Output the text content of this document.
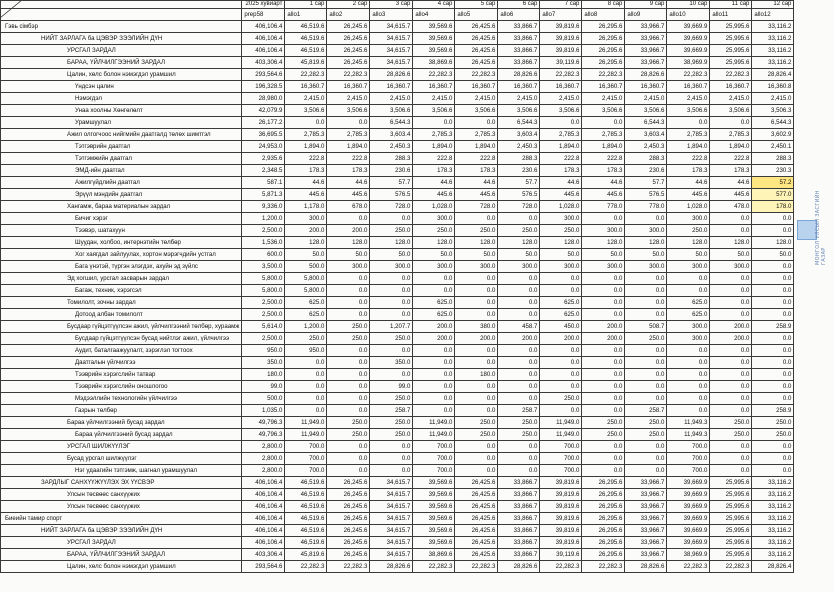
	2025 хувиарт	1 сар	2 сар	3 сар	4 сар	5 сар	6 сар	7 сар	8 сар	9 сар	10 сар	11 сар	12 сар
	prep58	allo1	allo2	allo3	allo4	allo5	allo6	allo7	allo8	allo9	allo10	allo11	allo12
Гэвь сімбэр	406,106.4	46,519.6	26,245.6	34,615.7	39,569.6	26,425.6	33,866.7	39,819.6	26,295.6	33,966.7	39,669.9	25,995.6	33,116.2
НИЙТ ЗАРЛАГА ба ЦЭВЭР ЗЭЭЛИЙН ДҮН	406,106.4	46,519.6	26,245.6	34,615.7	39,569.6	26,425.6	33,866.7	39,819.6	26,295.6	33,966.7	39,669.9	25,995.6	33,116.2
УРСГАЛ ЗАРДАЛ	406,106.4	46,519.6	26,245.6	34,615.7	39,569.6	26,425.6	33,866.7	39,819.6	26,295.6	33,966.7	39,669.9	25,995.6	33,116.2
БАРАА, ҮЙЛЧИЛГЭЭНИЙ ЗАРДАЛ	403,306.4	45,819.6	26,245.6	34,615.7	38,869.6	26,425.6	33,866.7	39,119.6	26,295.6	33,966.7	38,969.9	25,995.6	33,116.2
Цалин, хөлс болон нэмэгдэл урамшил	293,564.6	22,282.3	22,282.3	28,826.6	22,282.3	22,282.3	28,826.6	22,282.3	22,282.3	28,826.6	22,282.3	22,282.3	28,826.4
Үндсэн цалин	196,328.5	16,360.7	16,360.7	16,360.7	16,360.7	16,360.7	16,360.7	16,360.7	16,360.7	16,360.7	16,360.7	16,360.7	16,360.8
Нэмэгдэл	28,980.0	2,415.0	2,415.0	2,415.0	2,415.0	2,415.0	2,415.0	2,415.0	2,415.0	2,415.0	2,415.0	2,415.0	2,415.0
Унаа хоолны Хөнгөлөлт	42,079.9	3,506.6	3,506.6	3,506.6	3,506.6	3,506.6	3,506.6	3,506.6	3,506.6	3,506.6	3,506.6	3,506.6	3,506.3
Урамшуулал	26,177.2	0.0	0.0	6,544.3	0.0	0.0	6,544.3	0.0	0.0	6,544.3	0.0	0.0	6,544.3
Ажил олгогчоос нийгмийн даатгалд төлөх шимтгэл	36,695.5	2,785.3	2,785.3	3,603.4	2,785.3	2,785.3	3,603.4	2,785.3	2,785.3	3,603.4	2,785.3	2,785.3	3,602.9
Тэтгэврийн даатгал	24,953.0	1,894.0	1,894.0	2,450.3	1,894.0	1,894.0	2,450.3	1,894.0	1,894.0	2,450.3	1,894.0	1,894.0	2,450.1
Тэтгэмжийн даатгал	2,935.6	222.8	222.8	288.3	222.8	222.8	288.3	222.8	222.8	288.3	222.8	222.8	288.3
ЭМД-ийн даатгал	2,348.5	178.3	178.3	230.6	178.3	178.3	230.6	178.3	178.3	230.6	178.3	178.3	230.3
Ажилгүйдлийн даатгал	587.1	44.6	44.6	57.7	44.6	44.6	57.7	44.6	44.6	57.7	44.6	44.6	57.2
Эрүүл мэндийн даатгал	5,871.3	445.6	445.6	576.5	445.6	445.6	576.5	445.6	445.6	576.5	445.6	445.6	577.0
Хангамж, бараа материалын зардал	9,336.0	1,178.0	678.0	728.0	1,028.0	728.0	728.0	1,028.0	778.0	778.0	1,028.0	478.0	178.0
Бичиг хэрэг	1,200.0	300.0	0.0	0.0	300.0	0.0	0.0	300.0	0.0	0.0	300.0	0.0	0.0
Тээвэр, шатахуун	2,500.0	200.0	200.0	250.0	250.0	250.0	250.0	250.0	300.0	300.0	250.0	0.0	0.0
Шуудан, холбоо, интернэтийн төлбөр	1,536.0	128.0	128.0	128.0	128.0	128.0	128.0	128.0	128.0	128.0	128.0	128.0	128.0
Хог хаягдал зайлуулах, хортон мэрэгчдийн устгал	600.0	50.0	50.0	50.0	50.0	50.0	50.0	50.0	50.0	50.0	50.0	50.0	50.0
Бага үнэтэй, түргэн элэгдэх, ахуйн эд зүйлс	3,500.0	500.0	300.0	300.0	300.0	300.0	300.0	300.0	300.0	300.0	300.0	300.0	0.0
Эд хогшил, урсгал засварын зардал	5,800.0	5,800.0	0.0	0.0	0.0	0.0	0.0	0.0	0.0	0.0	0.0	0.0	0.0
Багаж, техник, хэрэгсэл	5,800.0	5,800.0	0.0	0.0	0.0	0.0	0.0	0.0	0.0	0.0	0.0	0.0	0.0
Томилолт, зочны зардал	2,500.0	625.0	0.0	0.0	625.0	0.0	0.0	625.0	0.0	0.0	625.0	0.0	0.0
Дотоод албан томилолт	2,500.0	625.0	0.0	0.0	625.0	0.0	0.0	625.0	0.0	0.0	625.0	0.0	0.0
Бусдаар гүйцэтгүүлсэн ажил, үйлчилгээний төлбөр, хураамж	5,614.0	1,200.0	250.0	1,207.7	200.0	380.0	458.7	450.0	200.0	508.7	300.0	200.0	258.9
Бусдаар гүйцэтгүүлсэн бусад нийтлэг ажил, үйлчилгээ	2,500.0	250.0	250.0	250.0	200.0	200.0	200.0	200.0	200.0	250.0	300.0	200.0	0.0
Аудит, баталгаажуулалт, зэрэглэл тогтоох	950.0	950.0	0.0	0.0	0.0	0.0	0.0	0.0	0.0	0.0	0.0	0.0	0.0
Даатгалын үйлчилгээ	350.0	0.0	0.0	350.0	0.0	0.0	0.0	0.0	0.0	0.0	0.0	0.0	0.0
Тээврийн хэрэгслийн татвар	180.0	0.0	0.0	0.0	0.0	180.0	0.0	0.0	0.0	0.0	0.0	0.0	0.0
Тээврийн хэрэгслийн оношлогоо	99.0	0.0	0.0	99.0	0.0	0.0	0.0	0.0	0.0	0.0	0.0	0.0	0.0
Мэдээллийн технологийн үйлчилгээ	500.0	0.0	0.0	250.0	0.0	0.0	0.0	250.0	0.0	0.0	0.0	0.0	0.0
Газрын төлбөр	1,035.0	0.0	0.0	258.7	0.0	0.0	258.7	0.0	0.0	258.7	0.0	0.0	258.9
Бараа үйлчилгээний бусад зардал	49,796.3	11,949.0	250.0	250.0	11,949.0	250.0	250.0	11,949.0	250.0	250.0	11,949.3	250.0	250.0
Бараа үйлчилгээний бусад зардал	49,796.3	11,949.0	250.0	250.0	11,949.0	250.0	250.0	11,949.0	250.0	250.0	11,949.3	250.0	250.0
УРСГАЛ ШИЛЖҮҮЛЭГ	2,800.0	700.0	0.0	0.0	700.0	0.0	0.0	700.0	0.0	0.0	700.0	0.0	0.0
Бусад урсгал шилжүүлэг	2,800.0	700.0	0.0	0.0	700.0	0.0	0.0	700.0	0.0	0.0	700.0	0.0	0.0
Нэг удаагийн тэтгэмж, шагнал урамшуулал	2,800.0	700.0	0.0	0.0	700.0	0.0	0.0	700.0	0.0	0.0	700.0	0.0	0.0
ЗАРДЛЫГ САНХҮҮЖҮҮЛЭХ ЭХ ҮҮСВЭР	406,106.4	46,519.6	26,245.6	34,615.7	39,569.6	26,425.6	33,866.7	39,819.6	26,295.6	33,966.7	39,669.9	25,995.6	33,116.2
Улсын төсвөөс санхүүжих	406,106.4	46,519.6	26,245.6	34,615.7	39,569.6	26,425.6	33,866.7	39,819.6	26,295.6	33,966.7	39,669.9	25,995.6	33,116.2
Улсын төсвөөс санхүүжих	406,106.4	46,519.6	26,245.6	34,615.7	39,569.6	26,425.6	33,866.7	39,819.6	26,295.6	33,966.7	39,669.9	25,995.6	33,116.2
Биеийн тамир спорт	406,106.4	46,519.6	26,245.6	34,615.7	39,569.6	26,425.6	33,866.7	39,819.6	26,295.6	33,966.7	39,669.9	25,995.6	33,116.2
НИЙТ ЗАРЛАГА ба ЦЭВЭР ЗЭЭЛИЙН ДҮН	406,106.4	46,519.6	26,245.6	34,615.7	39,569.6	26,425.6	33,866.7	39,819.6	26,295.6	33,966.7	39,669.9	25,995.6	33,116.2
УРСГАЛ ЗАРДАЛ	406,106.4	46,519.6	26,245.6	34,615.7	39,569.6	26,425.6	33,866.7	39,819.6	26,295.6	33,966.7	39,669.9	25,995.6	33,116.2
БАРАА, ҮЙЛЧИЛГЭЭНИЙ ЗАРДАЛ	403,306.4	45,819.6	26,245.6	34,615.7	38,869.6	26,425.6	33,866.7	39,119.6	26,295.6	33,966.7	38,969.9	25,995.6	33,116.2
Цалин, хөлс болон нэмэгдэл урамшил	293,564.6	22,282.3	22,282.3	28,826.6	22,282.3	22,282.3	28,826.6	22,282.3	22,282.3	28,826.6	22,282.3	22,282.3	28,826.4
МОНГОЛ УЛСЫН ЗАСГИЙН ГАЗАР
